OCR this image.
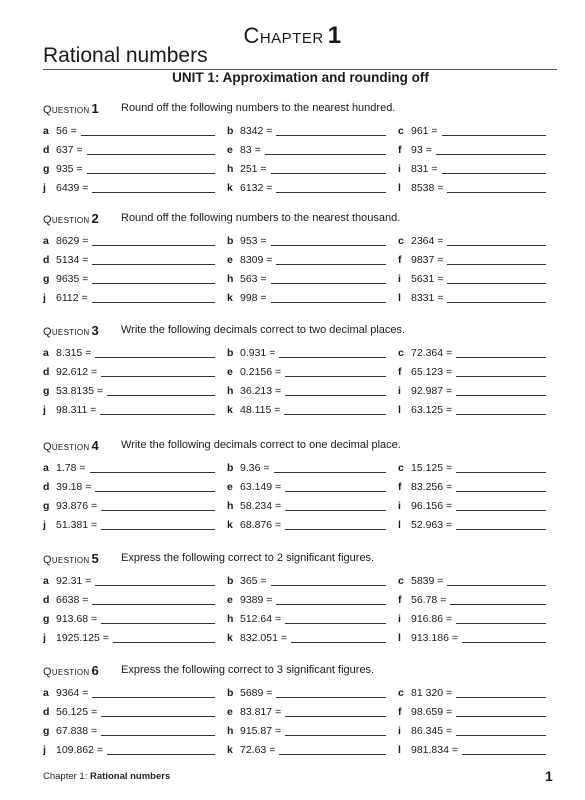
Chapter 1
Rational numbers
UNIT 1: Approximation and rounding off
Question 1	Round off the following numbers to the nearest hundred.
a 56 =	b 8342 =	c 961 =
d 637 =	e 83 =	f 93 =
g 935 =	h 251 =	i 831 =
j 6439 =	k 6132 =	l 8538 =
Question 2	Round off the following numbers to the nearest thousand.
a 8629 =	b 953 =	c 2364 =
d 5134 =	e 8309 =	f 9837 =
g 9635 =	h 563 =	i 5631 =
j 6112 =	k 998 =	l 8331 =
Question 3	Write the following decimals correct to two decimal places.
a 8.315 =	b 0.931 =	c 72.364 =
d 92.612 =	e 0.2156 =	f 65.123 =
g 53.8135 =	h 36.213 =	i 92.987 =
j 98.311 =	k 48.115 =	l 63.125 =
Question 4	Write the following decimals correct to one decimal place.
a 1.78 =	b 9.36 =	c 15.125 =
d 39.18 =	e 63.149 =	f 83.256 =
g 93.876 =	h 58.234 =	i 96.156 =
j 51.381 =	k 68.876 =	l 52.963 =
Question 5	Express the following correct to 2 significant figures.
a 92.31 =	b 365 =	c 5839 =
d 6638 =	e 9389 =	f 56.78 =
g 913.68 =	h 512.64 =	i 916.86 =
j 1925.125 =	k 832.051 =	l 913.186 =
Question 6	Express the following correct to 3 significant figures.
a 9364 =	b 5689 =	c 81 320 =
d 56.125 =	e 83.817 =	f 98.659 =
g 67.838 =	h 915.87 =	i 86.345 =
j 109.862 =	k 72.63 =	l 981.834 =
Chapter 1: Rational numbers	1
